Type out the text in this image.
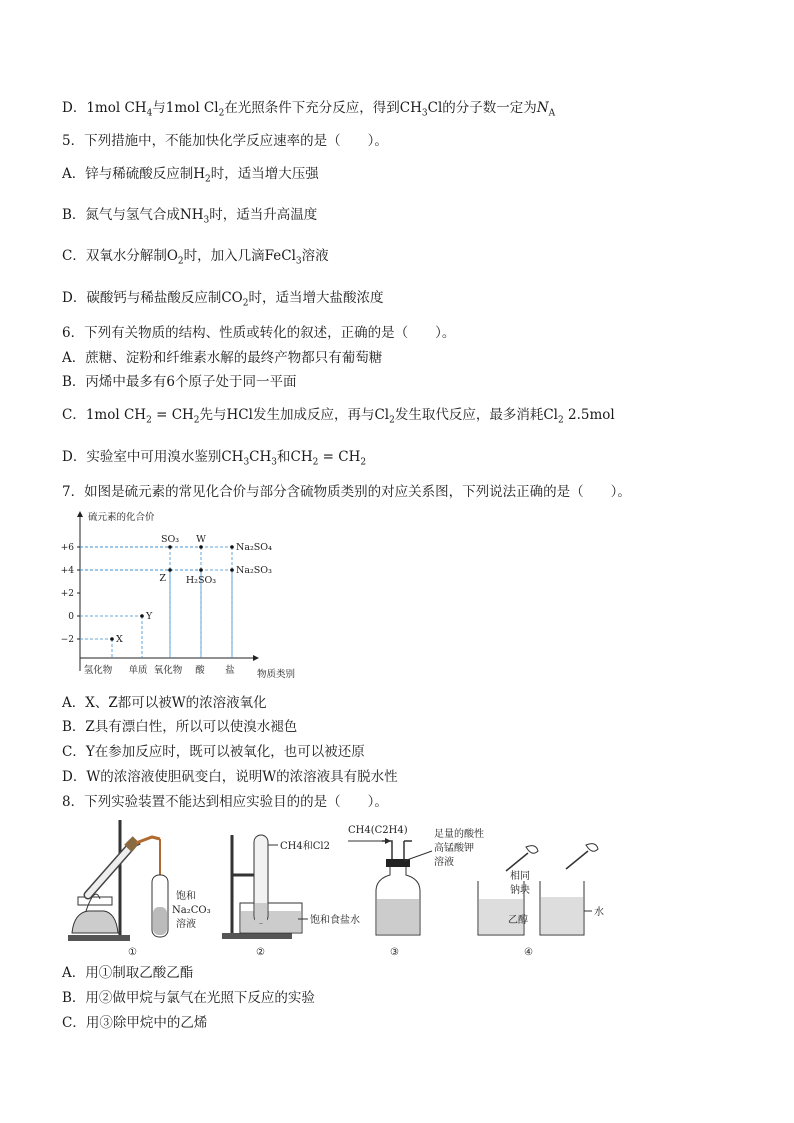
D．1mol $CH_4$与1mol $Cl_2$在光照条件下充分反应，得到$CH_3Cl$的分子数一定为$N_A$
5．下列措施中，不能加快化学反应速率的是（　　）。
A．锌与稀硫酸反应制$H_2$时，适当增大压强
B．氮气与氢气合成$NH_3$时，适当升高温度
C．双氧水分解制$O_2$时，加入几滴FeCl$_3$溶液
D．碳酸钙与稀盐酸反应制$CO_2$时，适当增大盐酸浓度
6．下列有关物质的结构、性质或转化的叙述，正确的是（　　）。
A．蔗糖、淀粉和纤维素水解的最终产物都只有葡萄糖
B．丙烯中最多有6个原子处于同一平面
C．1mol $CH_2 = CH_2$先与HCl发生加成反应，再与$Cl_2$发生取代反应，最多消耗$Cl_2$ 2.5mol
D．实验室中可用溴水鉴别$CH_3CH_3$和$CH_2 = CH_2$
7．如图是硫元素的常见化合价与部分含硫物质类别的对应关系图，下列说法正确的是（　　）。
硫元素的化合价
物质类别
+6
+4
+2
0
−2
氢化物 单质 氧化物 酸 盐
X
Y
Z
SO₃ W
H₂SO₃
Na₂SO₄
Na₂SO₃
A．X、Z都可以被W的浓溶液氧化
B．Z具有漂白性，所以可以使溴水褪色
C．Y在参加反应时，既可以被氧化，也可以被还原
D．W的浓溶液使胆矾变白，说明W的浓溶液具有脱水性
8．下列实验装置不能达到相应实验目的的是（　　）。
饱和
Na₂CO₃
溶液
①
CH4和Cl2
饱和食盐水
②
CH4(C2H4)	足量的酸性
高锰酸钾
溶液
③
相同
钠块
乙醇
水
④
A．用①制取乙酸乙酯
B．用②做甲烷与氯气在光照下反应的实验
C．用③除甲烷中的乙烯
